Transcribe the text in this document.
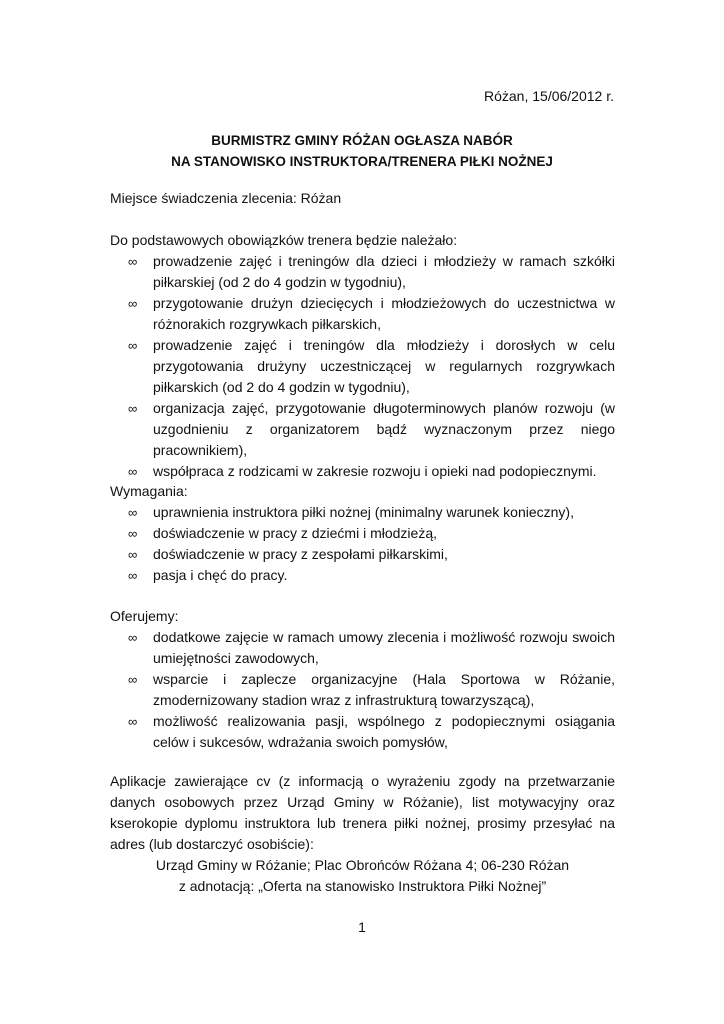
Różan, 15/06/2012 r.
BURMISTRZ GMINY RÓŻAN OGŁASZA NABÓR
NA STANOWISKO INSTRUKTORA/TRENERA PIŁKI NOŻNEJ

Miejsce świadczenia zlecenia: Różan

Do podstawowych obowiązków trenera będzie należało:

∞ prowadzenie zajęć i treningów dla dzieci i młodzieży w ramach szkółki piłkarskiej (od 2 do 4 godzin w tygodniu),
∞ przygotowanie drużyn dziecięcych i młodzieżowych do uczestnictwa w różnorakich rozgrywkach piłkarskich,
∞ prowadzenie zajęć i treningów dla młodzieży i dorosłych w celu przygotowania drużyny uczestniczącej w regularnych rozgrywkach piłkarskich (od 2 do 4 godzin w tygodniu),
∞ organizacja zajęć, przygotowanie długoterminowych planów rozwoju (w uzgodnieniu z organizatorem bądź wyznaczonym przez niego pracownikiem),
∞ współpraca z rodzicami w zakresie rozwoju i opieki nad podopiecznymi.

Wymagania:

∞ uprawnienia instruktora piłki nożnej (minimalny warunek konieczny),
∞ doświadczenie w pracy z dziećmi i młodzieżą,
∞ doświadczenie w pracy z zespołami piłkarskimi,
∞ pasja i chęć do pracy.

Oferujemy:

∞ dodatkowe zajęcie w ramach umowy zlecenia i możliwość rozwoju swoich umiejętności zawodowych,
∞ wsparcie i zaplecze organizacyjne (Hala Sportowa w Różanie, zmodernizowany stadion wraz z infrastrukturą towarzyszącą),
∞ możliwość realizowania pasji, wspólnego z podopiecznymi osiągania celów i sukcesów, wdrażania swoich pomysłów,

Aplikacje zawierające cv (z informacją o wyrażeniu zgody na przetwarzanie danych osobowych przez Urząd Gminy w Różanie), list motywacyjny oraz kserokopie dyplomu instruktora lub trenera piłki nożnej, prosimy przesyłać na adres (lub dostarczyć osobiście):

Urząd Gminy w Różanie; Plac Obrońców Różana 4; 06-230 Różan

z adnotacją: „Oferta na stanowisko Instruktora Piłki Nożnej”

1
